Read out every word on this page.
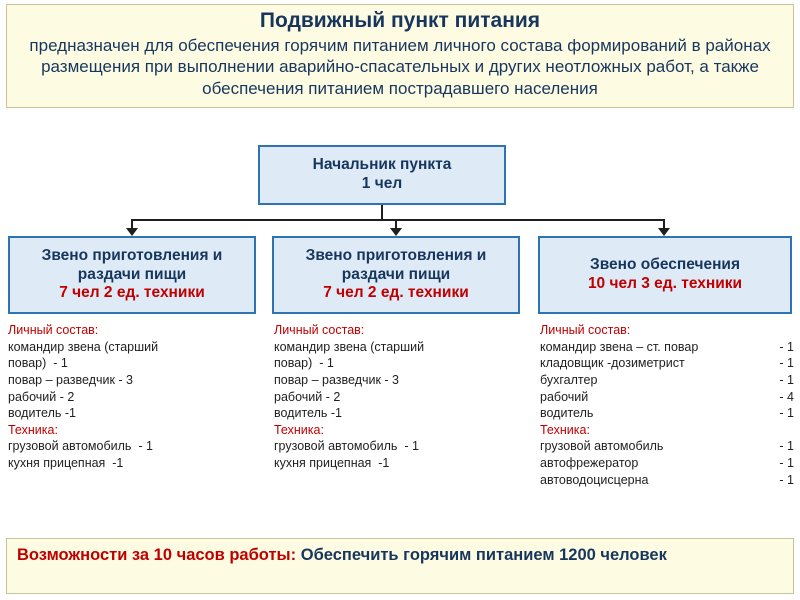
Подвижный пункт питания
предназначен для обеспечения горячим питанием личного состава формирований в районах размещения при выполнении аварийно-спасательных и других неотложных работ, а также обеспечения питанием пострадавшего населения
Начальник пункта
1 чел
Звено приготовления и
раздачи пищи
7 чел 2 ед. техники
Звено приготовления и
раздачи пищи
7 чел 2 ед. техники
Звено обеспечения
10 чел 3 ед. техники
Личный состав:
командир звена (старший
повар)  - 1
повар – разведчик - 3
рабочий - 2
водитель -1
Техника:
грузовой автомобиль  - 1
кухня прицепная  -1
Личный состав:
командир звена (старший
повар)  - 1
повар – разведчик - 3
рабочий - 2
водитель -1
Техника:
грузовой автомобиль  - 1
кухня прицепная  -1
Личный состав:
командир звена – ст. повар	- 1
кладовщик -дозиметрист	- 1
бухгалтер	- 1
рабочий	- 4
водитель	- 1
Техника:
грузовой автомобиль	- 1
автофрежератор	- 1
автоводоцисцерна	- 1
Возможности за 10 часов работы: Обеспечить горячим питанием 1200 человек
